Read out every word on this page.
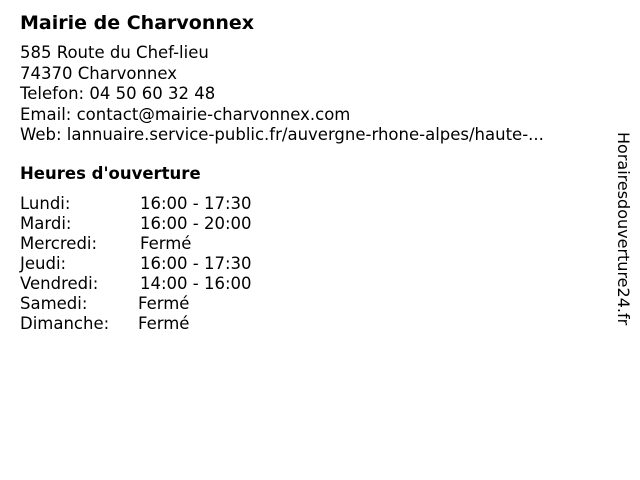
Mairie de Charvonnex
585 Route du Chef-lieu
74370 Charvonnex
Telefon: 04 50 60 32 48
Email: contact@mairie-charvonnex.com
Web: lannuaire.service-public.fr/auvergne-rhone-alpes/haute-...
Heures d'ouverture
Lundi:	16:00 - 17:30
Mardi:	16:00 - 20:00
Mercredi:	Fermé
Jeudi:	16:00 - 17:30
Vendredi:	14:00 - 16:00
Samedi:	Fermé
Dimanche:	Fermé	Horairesdouverture24.fr
